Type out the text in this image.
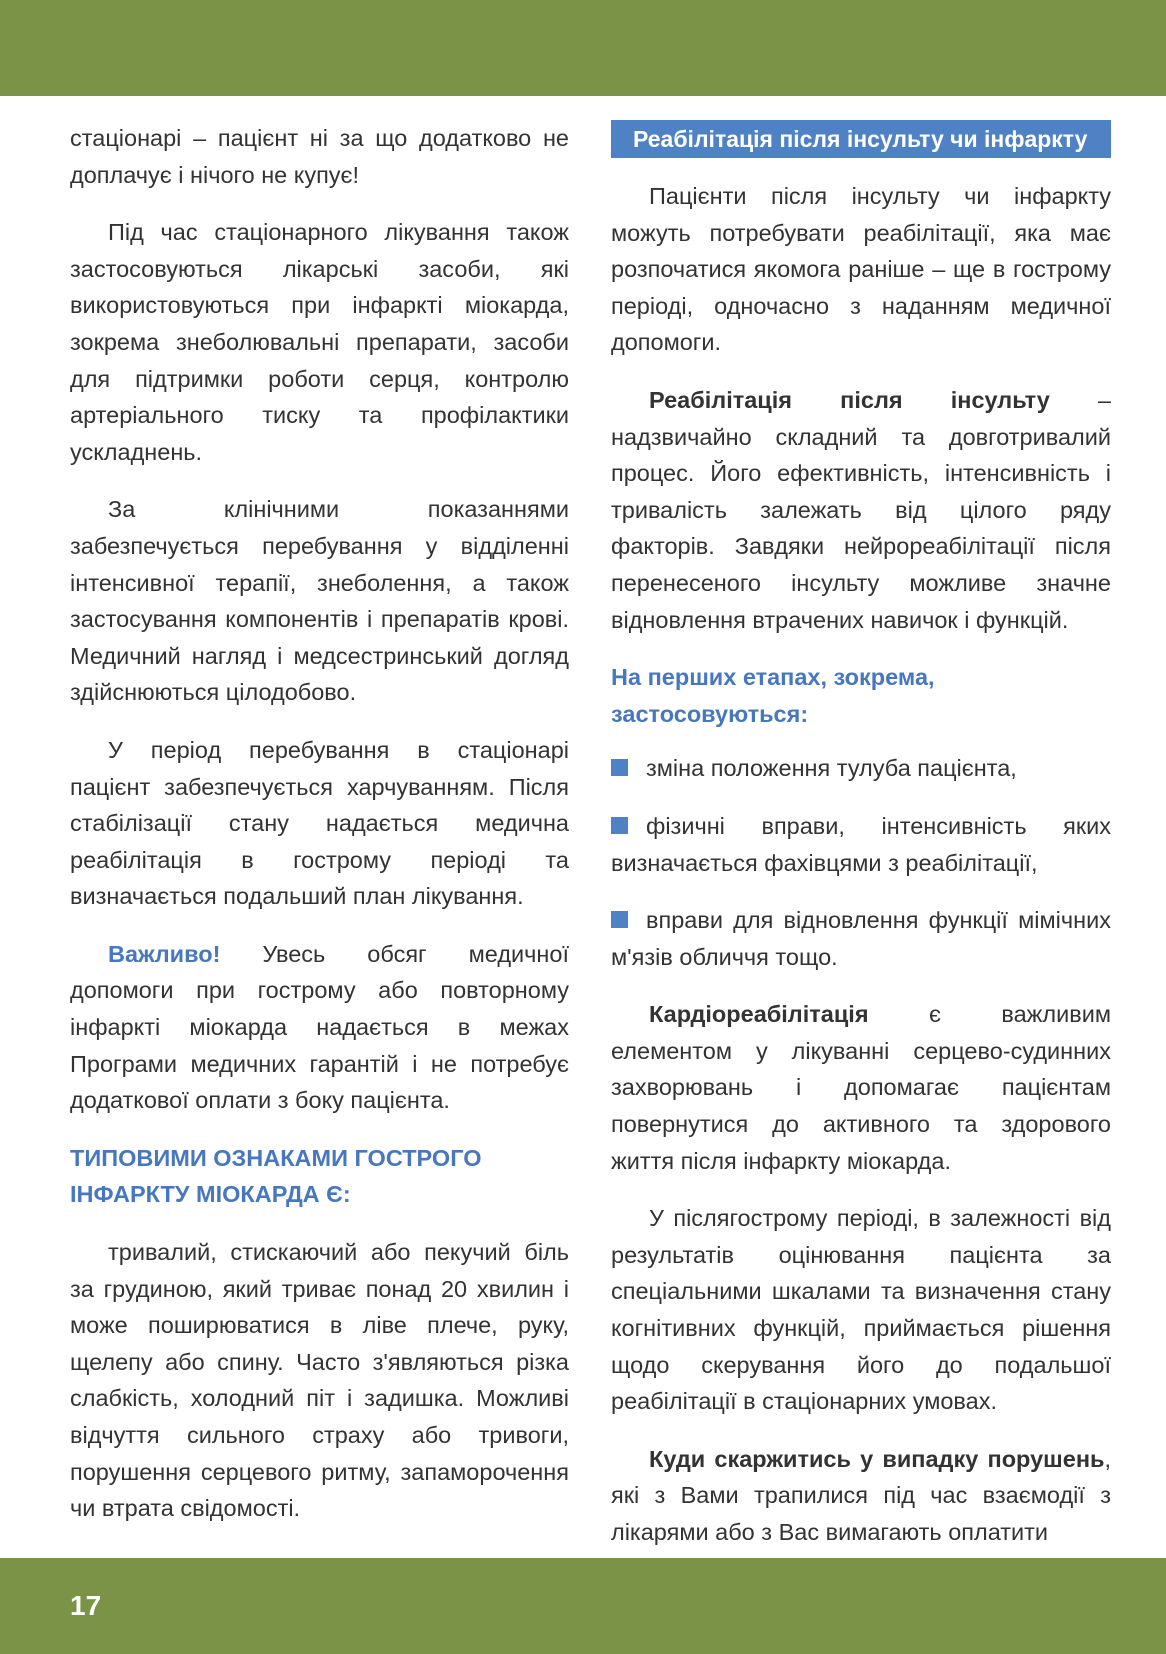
стаціонарі – пацієнт ні за що додатково не доплачує і нічого не купує!

Під час стаціонарного лікування також застосовуються лікарські засоби, які використовуються при інфаркті міокарда, зокрема знеболювальні препарати, засоби для підтримки роботи серця, контролю артеріального тиску та профілактики ускладнень.

За клінічними показаннями забезпечується перебування у відділенні інтенсивної терапії, знеболення, а також застосування компонентів і препаратів крові. Медичний нагляд і медсестринський догляд здійснюються цілодобово.

У період перебування в стаціонарі пацієнт забезпечується харчуванням. Після стабілізації стану надається медична реабілітація в гострому періоді та визначається подальший план лікування.

Важливо! Увесь обсяг медичної допомоги при гострому або повторному інфаркті міокарда надається в межах Програми медичних гарантій і не потребує додаткової оплати з боку пацієнта.

ТИПОВИМИ ОЗНАКАМИ ГОСТРОГО ІНФАРКТУ МІОКАРДА Є:

тривалий, стискаючий або пекучий біль за грудиною, який триває понад 20 хвилин і може поширюватися в ліве плече, руку, щелепу або спину. Часто з'являються різка слабкість, холодний піт і задишка. Можливі відчуття сильного страху або тривоги, порушення серцевого ритму, запаморочення чи втрата свідомості.

Реабілітація після інсульту чи інфаркту

Пацієнти після інсульту чи інфаркту можуть потребувати реабілітації, яка має розпочатися якомога раніше – ще в гострому періоді, одночасно з наданням медичної допомоги.

Реабілітація після інсульту – надзвичайно складний та довготривалий процес. Його ефективність, інтенсивність і тривалість залежать від цілого ряду факторів. Завдяки нейрореабілітації після перенесеного інсульту можливе значне відновлення втрачених навичок і функцій.

На перших етапах, зокрема, застосовуються:
зміна положення тулуба пацієнта,
фізичні вправи, інтенсивність яких визначається фахівцями з реабілітації,
вправи для відновлення функції мімічних м'язів обличчя тощо.

Кардіореабілітація є важливим елементом у лікуванні серцево-судинних захворювань і допомагає пацієнтам повернутися до активного та здорового життя після інфаркту міокарда.

У післягострому періоді, в залежності від результатів оцінювання пацієнта за спеціальними шкалами та визначення стану когнітивних функцій, приймається рішення щодо скерування його до подальшої реабілітації в стаціонарних умовах.

Куди скаржитись у випадку порушень, які з Вами трапилися під час взаємодії з лікарями або з Вас вимагають оплатити

17
